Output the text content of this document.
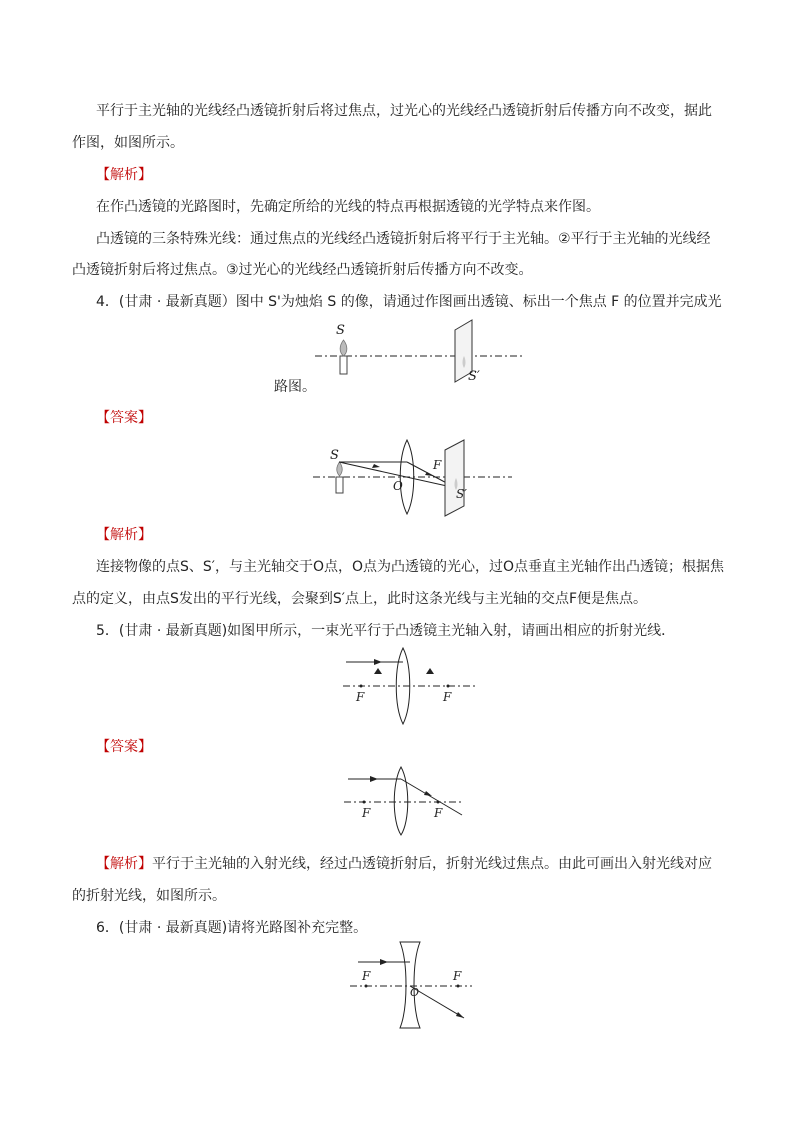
平行于主光轴的光线经凸透镜折射后将过焦点，过光心的光线经凸透镜折射后传播方向不改变，据此
作图，如图所示。
【解析】
在作凸透镜的光路图时，先确定所给的光线的特点再根据透镜的光学特点来作图。
凸透镜的三条特殊光线：通过焦点的光线经凸透镜折射后将平行于主光轴。②平行于主光轴的光线经
凸透镜折射后将过焦点。③过光心的光线经凸透镜折射后传播方向不改变。
4．(甘肃 · 最新真题）图中 S'为烛焰 S 的像，请通过作图画出透镜、标出一个焦点 F 的位置并完成光
S
S′
路图。
【答案】
S
F
O
S′
【解析】
连接物像的点S、S′，与主光轴交于O点，O点为凸透镜的光心，过O点垂直主光轴作出凸透镜；根据焦
点的定义，由点S发出的平行光线，会聚到S′点上，此时这条光线与主光轴的交点F便是焦点。
5．(甘肃 · 最新真题)如图甲所示，一束光平行于凸透镜主光轴入射，请画出相应的折射光线．
F	F
【答案】
F	F
【解析】平行于主光轴的入射光线，经过凸透镜折射后，折射光线过焦点。由此可画出入射光线对应
的折射光线，如图所示。
6．(甘肃 · 最新真题)请将光路图补充完整。
F	F
O
